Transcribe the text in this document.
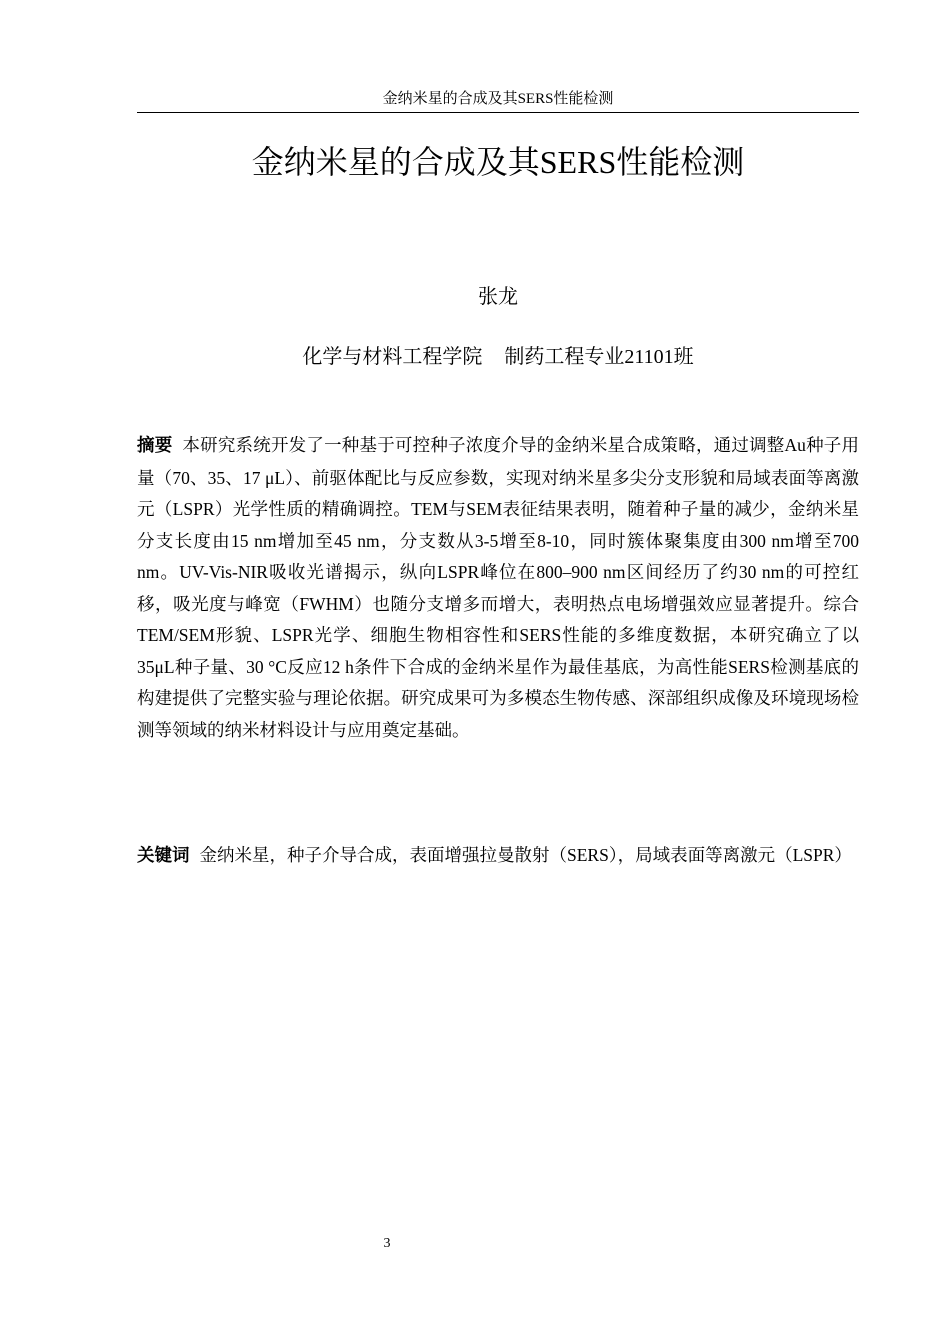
金纳米星的合成及其SERS性能检测
金纳米星的合成及其SERS性能检测
张龙
化学与材料工程学院 制药工程专业21101班

摘要 本研究系统开发了一种基于可控种子浓度介导的金纳米星合成策略，通过调整Au种子用量（70、35、17 μL）、前驱体配比与反应参数，实现对纳米星多尖分支形貌和局域表面等离激元（LSPR）光学性质的精确调控。TEM与SEM表征结果表明，随着种子量的减少，金纳米星分支长度由15 nm增加至45 nm，分支数从3-5增至8-10，同时簇体聚集度由300 nm增至700 nm。UV-Vis-NIR吸收光谱揭示，纵向LSPR峰位在800–900 nm区间经历了约30 nm的可控红移，吸光度与峰宽（FWHM）也随分支增多而增大，表明热点电场增强效应显著提升。综合TEM/SEM形貌、LSPR光学、细胞生物相容性和SERS性能的多维度数据，本研究确立了以35μL种子量、30 °C反应12 h条件下合成的金纳米星作为最佳基底，为高性能SERS检测基底的构建提供了完整实验与理论依据。研究成果可为多模态生物传感、深部组织成像及环境现场检测等领域的纳米材料设计与应用奠定基础。

关键词 金纳米星，种子介导合成，表面增强拉曼散射（SERS），局域表面等离激元（LSPR）

3
